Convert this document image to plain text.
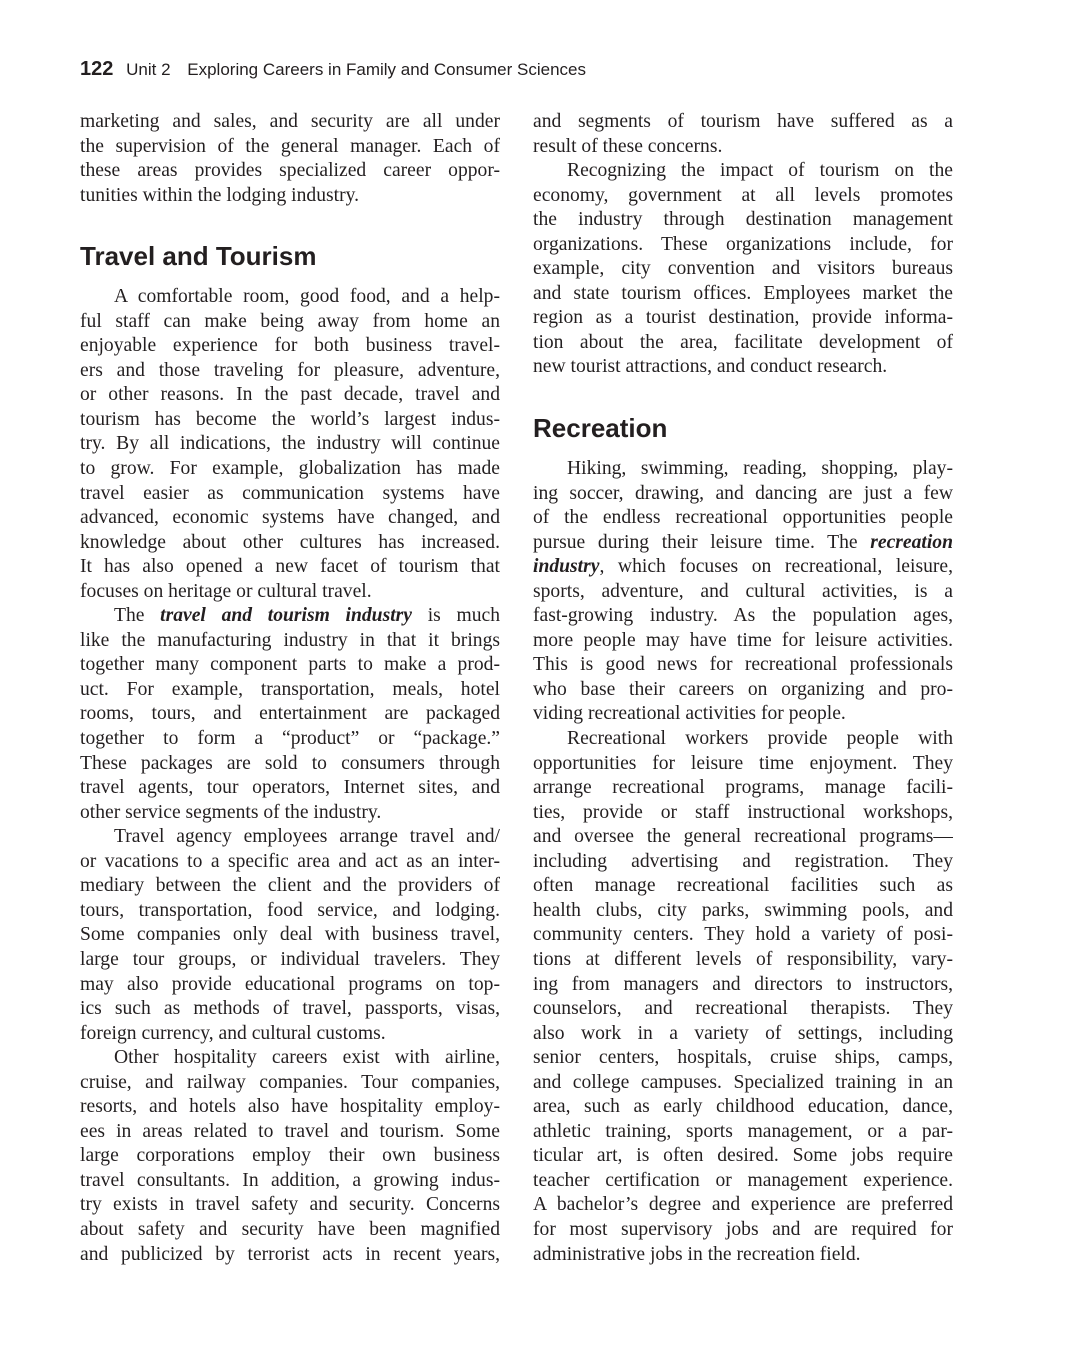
122 Unit 2 Exploring Careers in Family and Consumer Sciences
marketing and sales, and security are all under
the supervision of the general manager. Each of
these areas provides specialized career oppor-
tunities within the lodging industry.
Travel and Tourism
A comfortable room, good food, and a help-
ful staff can make being away from home an
enjoyable experience for both business travel-
ers and those traveling for pleasure, adventure,
or other reasons. In the past decade, travel and
tourism has become the world’s largest indus-
try. By all indications, the industry will continue
to grow. For example, globalization has made
travel easier as communication systems have
advanced, economic systems have changed, and
knowledge about other cultures has increased.
It has also opened a new facet of tourism that
focuses on heritage or cultural travel.
The travel and tourism industry is much
like the manufacturing industry in that it brings
together many component parts to make a prod-
uct. For example, transportation, meals, hotel
rooms, tours, and entertainment are packaged
together to form a “product” or “package.”
These packages are sold to consumers through
travel agents, tour operators, Internet sites, and
other service segments of the industry.
Travel agency employees arrange travel and/
or vacations to a specific area and act as an inter-
mediary between the client and the providers of
tours, transportation, food service, and lodging.
Some companies only deal with business travel,
large tour groups, or individual travelers. They
may also provide educational programs on top-
ics such as methods of travel, passports, visas,
foreign currency, and cultural customs.
Other hospitality careers exist with airline,
cruise, and railway companies. Tour companies,
resorts, and hotels also have hospitality employ-
ees in areas related to travel and tourism. Some
large corporations employ their own business
travel consultants. In addition, a growing indus-
try exists in travel safety and security. Concerns
about safety and security have been magnified
and publicized by terrorist acts in recent years,
and segments of tourism have suffered as a
result of these concerns.
Recognizing the impact of tourism on the
economy, government at all levels promotes
the industry through destination management
organizations. These organizations include, for
example, city convention and visitors bureaus
and state tourism offices. Employees market the
region as a tourist destination, provide informa-
tion about the area, facilitate development of
new tourist attractions, and conduct research.
Recreation
Hiking, swimming, reading, shopping, play-
ing soccer, drawing, and dancing are just a few
of the endless recreational opportunities people
pursue during their leisure time. The recreation
industry, which focuses on recreational, leisure,
sports, adventure, and cultural activities, is a
fast-growing industry. As the population ages,
more people may have time for leisure activities.
This is good news for recreational professionals
who base their careers on organizing and pro-
viding recreational activities for people.
Recreational workers provide people with
opportunities for leisure time enjoyment. They
arrange recreational programs, manage facili-
ties, provide or staff instructional workshops,
and oversee the general recreational programs—
including advertising and registration. They
often manage recreational facilities such as
health clubs, city parks, swimming pools, and
community centers. They hold a variety of posi-
tions at different levels of responsibility, vary-
ing from managers and directors to instructors,
counselors, and recreational therapists. They
also work in a variety of settings, including
senior centers, hospitals, cruise ships, camps,
and college campuses. Specialized training in an
area, such as early childhood education, dance,
athletic training, sports management, or a par-
ticular art, is often desired. Some jobs require
teacher certification or management experience.
A bachelor’s degree and experience are preferred
for most supervisory jobs and are required for
administrative jobs in the recreation field.
